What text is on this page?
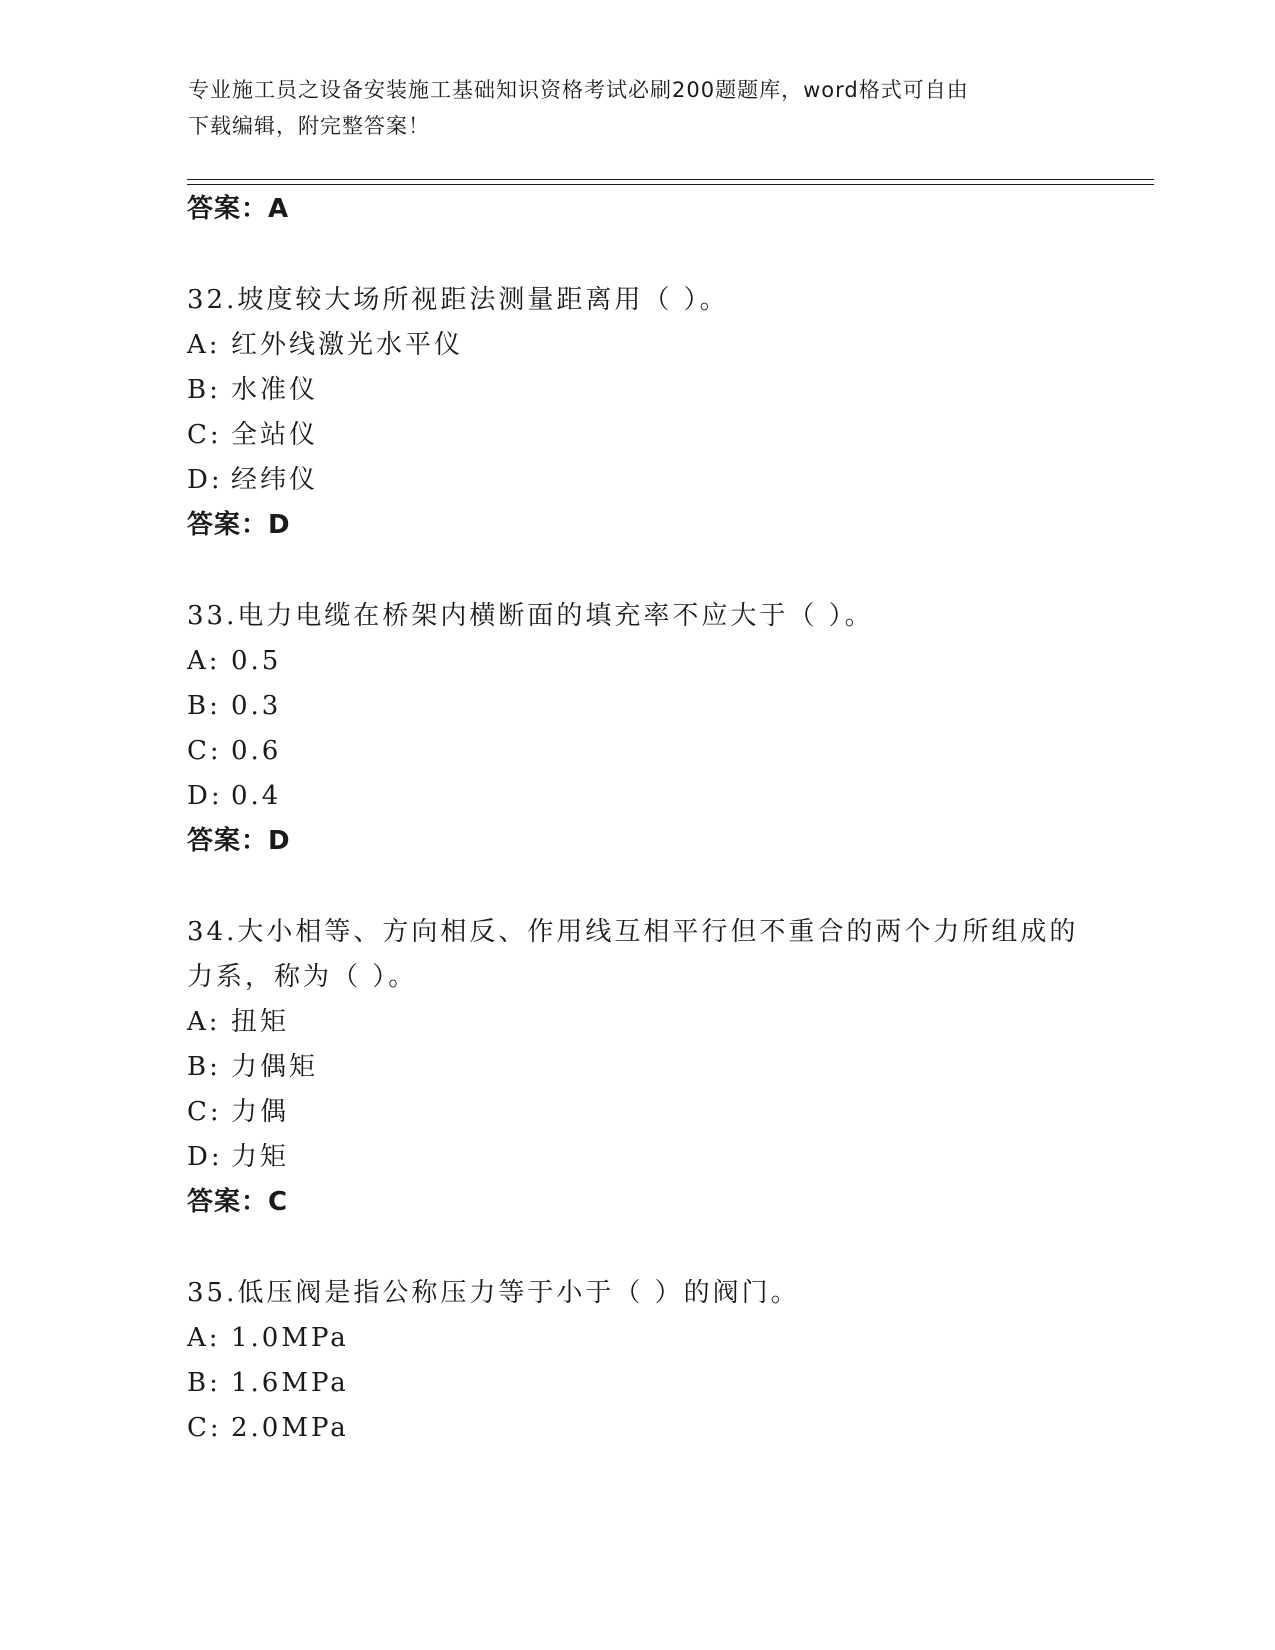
专业施工员之设备安装施工基础知识资格考试必刷200题题库，word格式可自由
下载编辑，附完整答案！
答案：A
32.坡度较大场所视距法测量距离用（ ）。
A: 红外线激光水平仪
B: 水准仪
C: 全站仪
D: 经纬仪
答案：D
33.电力电缆在桥架内横断面的填充率不应大于（ ）。
A: 0.5
B: 0.3
C: 0.6
D: 0.4
答案：D
34.大小相等、方向相反、作用线互相平行但不重合的两个力所组成的
力系，称为（ ）。
A: 扭矩
B: 力偶矩
C: 力偶
D: 力矩
答案：C
35.低压阀是指公称压力等于小于（ ）的阀门。
A: 1.0MPa
B: 1.6MPa
C: 2.0MPa
